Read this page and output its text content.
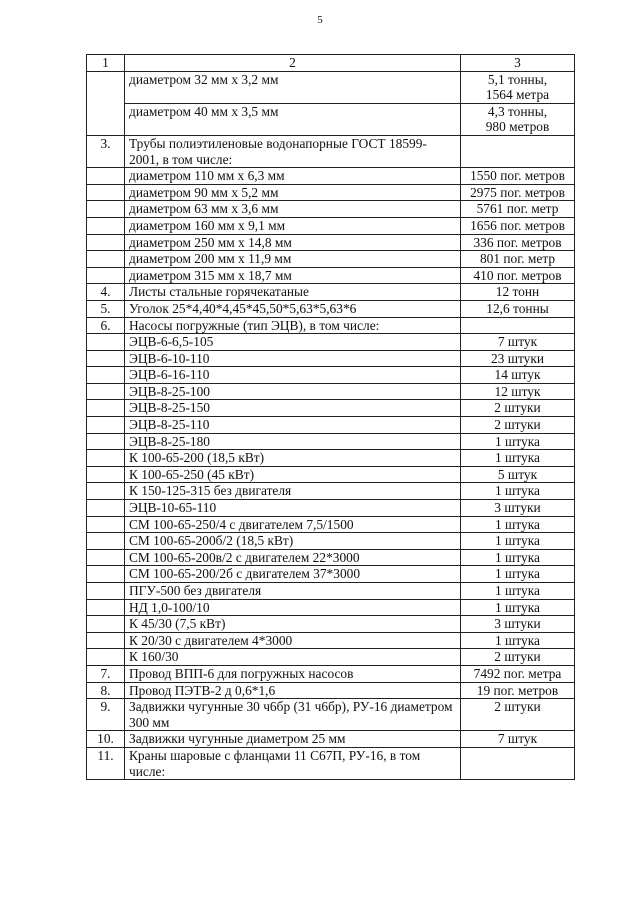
5
1	2	3
	диаметром 32 мм х 3,2 мм	5,1 тонны,
1564 метра
	диаметром 40 мм х 3,5 мм	4,3 тонны,
980 метров
3.	Трубы полиэтиленовые водонапорные ГОСТ 18599-2001, в том числе:	
	диаметром 110 мм х 6,3 мм	1550 пог. метров
	диаметром 90 мм х 5,2 мм	2975 пог. метров
	диаметром 63 мм х 3,6 мм	5761 пог. метр
	диаметром 160 мм х 9,1 мм	1656 пог. метров
	диаметром 250 мм х 14,8 мм	336 пог. метров
	диаметром 200 мм х 11,9 мм	801 пог. метр
	диаметром 315 мм х 18,7 мм	410 пог. метров
4.	Листы стальные горячекатаные	12 тонн
5.	Уголок 25*4,40*4,45*45,50*5,63*5,63*6	12,6 тонны
6.	Насосы погружные (тип ЭЦВ), в том числе:	
	ЭЦВ-6-6,5-105	7 штук
	ЭЦВ-6-10-110	23 штуки
	ЭЦВ-6-16-110	14 штук
	ЭЦВ-8-25-100	12 штук
	ЭЦВ-8-25-150	2 штуки
	ЭЦВ-8-25-110	2 штуки
	ЭЦВ-8-25-180	1 штука
	К 100-65-200 (18,5 кВт)	1 штука
	К 100-65-250 (45 кВт)	5 штук
	К 150-125-315 без двигателя	1 штука
	ЭЦВ-10-65-110	3 штуки
	СМ 100-65-250/4 с двигателем 7,5/1500	1 штука
	СМ 100-65-200б/2 (18,5 кВт)	1 штука
	СМ 100-65-200в/2 с двигателем 22*3000	1 штука
	СМ 100-65-200/2б с двигателем 37*3000	1 штука
	ПГУ-500 без двигателя	1 штука
	НД 1,0-100/10	1 штука
	К 45/30 (7,5 кВт)	3 штуки
	К 20/30 с двигателем 4*3000	1 штука
	К 160/30	2 штуки
7.	Провод ВПП-6 для погружных насосов	7492 пог. метра
8.	Провод ПЭТВ-2 д 0,6*1,6	19 пог. метров
9.	Задвижки чугунные 30 ч6бр (31 ч6бр), РУ-16 диаметром 300 мм	2 штуки
10.	Задвижки чугунные диаметром 25 мм	7 штук
11.	Краны шаровые с фланцами 11 С67П, РУ-16, в том числе:	
